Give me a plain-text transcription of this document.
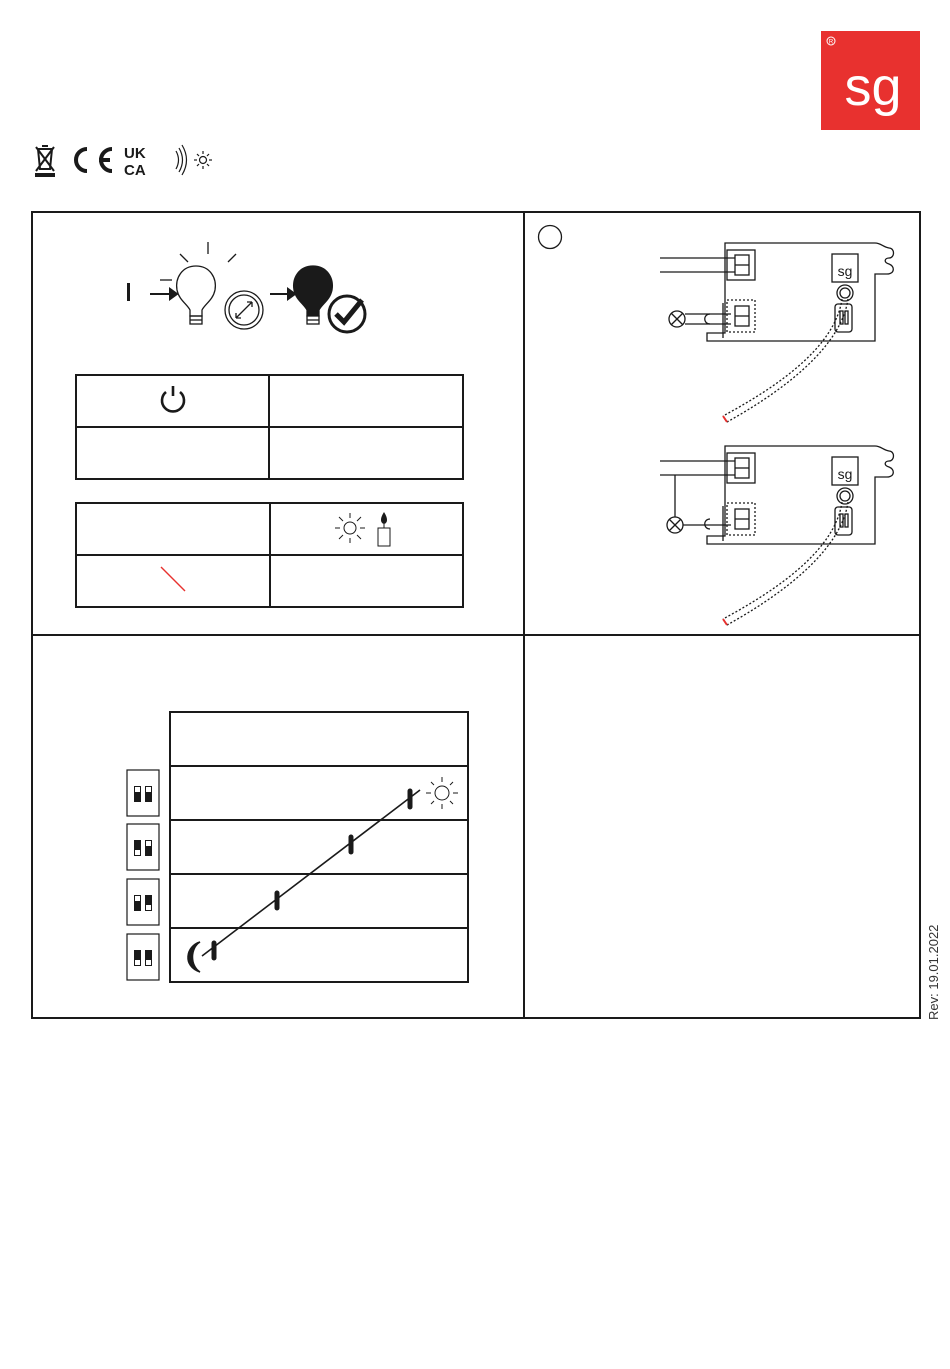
R
sg
UK
CA

sg
sg

Rev: 19.01.2022
